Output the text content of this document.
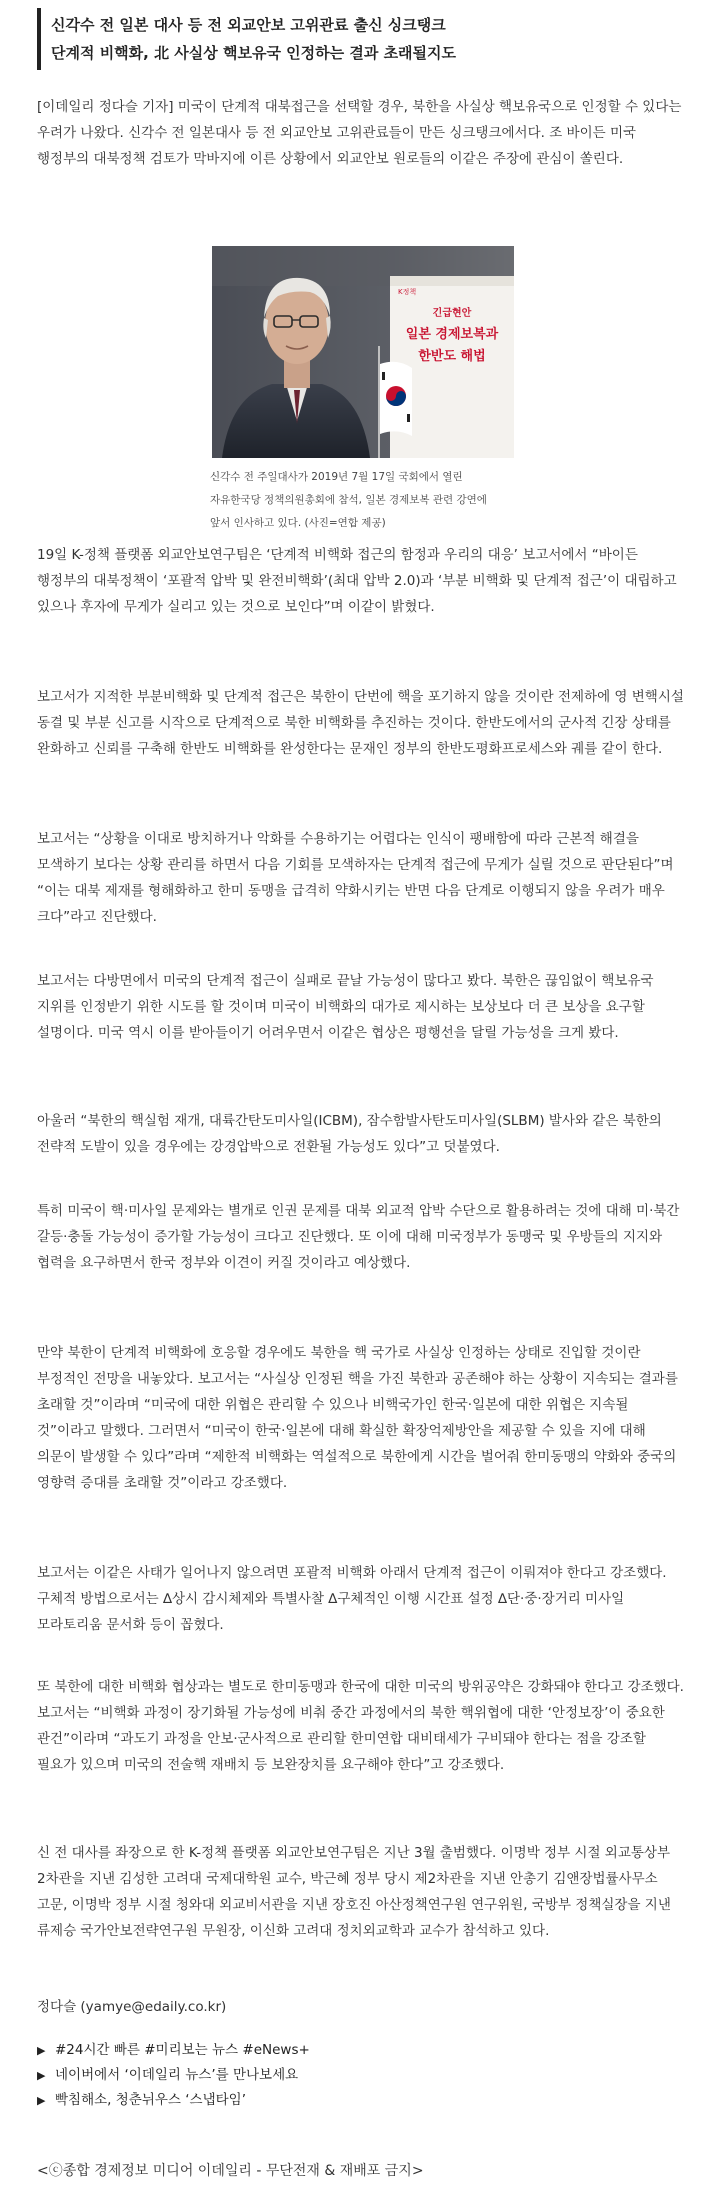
신각수 전 일본 대사 등 전 외교안보 고위관료 출신 싱크탱크
단계적 비핵화, 北 사실상 핵보유국 인정하는 결과 초래될지도

[이데일리 정다슬 기자] 미국이 단계적 대북접근을 선택할 경우, 북한을 사실상 핵보유국으로 인정할 수 있다는 우려가 나왔다. 신각수 전 일본대사 등 전 외교안보 고위관료들이 만든 싱크탱크에서다. 조 바이든 미국 행정부의 대북정책 검토가 막바지에 이른 상황에서 외교안보 원로들의 이같은 주장에 관심이 쏠린다.

긴급현안
일본 경제보복과
한반도 해법
K정책

신각수 전 주일대사가 2019년 7월 17일 국회에서 열린 자유한국당 정책의원총회에 참석, 일본 경제보복 관련 강연에 앞서 인사하고 있다. (사진=연합 제공)

19일 K-정책 플랫폼 외교안보연구팀은 ‘단계적 비핵화 접근의 함정과 우리의 대응’ 보고서에서 “바이든 행정부의 대북정책이 ‘포괄적 압박 및 완전비핵화’(최대 압박 2.0)과 ‘부분 비핵화 및 단계적 접근’이 대립하고 있으나 후자에 무게가 실리고 있는 것으로 보인다”며 이같이 밝혔다.

보고서가 지적한 부분비핵화 및 단계적 접근은 북한이 단번에 핵을 포기하지 않을 것이란 전제하에 영 변핵시설 동결 및 부분 신고를 시작으로 단계적으로 북한 비핵화를 추진하는 것이다. 한반도에서의 군사적 긴장 상태를 완화하고 신뢰를 구축해 한반도 비핵화를 완성한다는 문재인 정부의 한반도평화프로세스와 궤를 같이 한다.

보고서는 “상황을 이대로 방치하거나 악화를 수용하기는 어렵다는 인식이 팽배함에 따라 근본적 해결을 모색하기 보다는 상황 관리를 하면서 다음 기회를 모색하자는 단계적 접근에 무게가 실릴 것으로 판단된다”며 “이는 대북 제재를 형해화하고 한미 동맹을 급격히 약화시키는 반면 다음 단계로 이행되지 않을 우려가 매우 크다”라고 진단했다.

보고서는 다방면에서 미국의 단계적 접근이 실패로 끝날 가능성이 많다고 봤다. 북한은 끊임없이 핵보유국 지위를 인정받기 위한 시도를 할 것이며 미국이 비핵화의 대가로 제시하는 보상보다 더 큰 보상을 요구할 설명이다. 미국 역시 이를 받아들이기 어려우면서 이같은 협상은 평행선을 달릴 가능성을 크게 봤다.

아울러 “북한의 핵실험 재개, 대륙간탄도미사일(ICBM), 잠수함발사탄도미사일(SLBM) 발사와 같은 북한의 전략적 도발이 있을 경우에는 강경압박으로 전환될 가능성도 있다”고 덧붙였다.

특히 미국이 핵·미사일 문제와는 별개로 인권 문제를 대북 외교적 압박 수단으로 활용하려는 것에 대해 미·북간 갈등·충돌 가능성이 증가할 가능성이 크다고 진단했다. 또 이에 대해 미국정부가 동맹국 및 우방들의 지지와 협력을 요구하면서 한국 정부와 이견이 커질 것이라고 예상했다.

만약 북한이 단계적 비핵화에 호응할 경우에도 북한을 핵 국가로 사실상 인정하는 상태로 진입할 것이란 부정적인 전망을 내놓았다. 보고서는 “사실상 인정된 핵을 가진 북한과 공존해야 하는 상황이 지속되는 결과를 초래할 것”이라며 “미국에 대한 위협은 관리할 수 있으나 비핵국가인 한국·일본에 대한 위협은 지속될 것”이라고 말했다. 그러면서 “미국이 한국·일본에 대해 확실한 확장억제방안을 제공할 수 있을 지에 대해 의문이 발생할 수 있다”라며 “제한적 비핵화는 역설적으로 북한에게 시간을 벌어줘 한미동맹의 약화와 중국의 영향력 증대를 초래할 것”이라고 강조했다.

보고서는 이같은 사태가 일어나지 않으려면 포괄적 비핵화 아래서 단계적 접근이 이뤄져야 한다고 강조했다. 구체적 방법으로서는 ∆상시 감시체제와 특별사찰 ∆구체적인 이행 시간표 설정 ∆단·중·장거리 미사일 모라토리움 문서화 등이 꼽혔다.

또 북한에 대한 비핵화 협상과는 별도로 한미동맹과 한국에 대한 미국의 방위공약은 강화돼야 한다고 강조했다. 보고서는 “비핵화 과정이 장기화될 가능성에 비춰 중간 과정에서의 북한 핵위협에 대한 ‘안정보장’이 중요한 관건”이라며 “과도기 과정을 안보·군사적으로 관리할 한미연합 대비태세가 구비돼야 한다는 점을 강조할 필요가 있으며 미국의 전술핵 재배치 등 보완장치를 요구해야 한다”고 강조했다.

신 전 대사를 좌장으로 한 K-정책 플랫폼 외교안보연구팀은 지난 3월 출범했다. 이명박 정부 시절 외교통상부 2차관을 지낸 김성한 고려대 국제대학원 교수, 박근혜 정부 당시 제2차관을 지낸 안총기 김앤장법률사무소 고문, 이명박 정부 시절 청와대 외교비서관을 지낸 장호진 아산정책연구원 연구위원, 국방부 정책실장을 지낸 류제승 국가안보전략연구원 무원장, 이신화 고려대 정치외교학과 교수가 참석하고 있다.

정다슬 (yamye@edaily.co.kr)
▶ #24시간 빠른 #미리보는 뉴스 #eNews+
▶ 네이버에서 ‘이데일리 뉴스’를 만나보세요
▶ 빡침해소, 청춘뉘우스 ‘스냅타임’
<ⓒ종합 경제정보 미디어 이데일리 - 무단전재 & 재배포 금지>
